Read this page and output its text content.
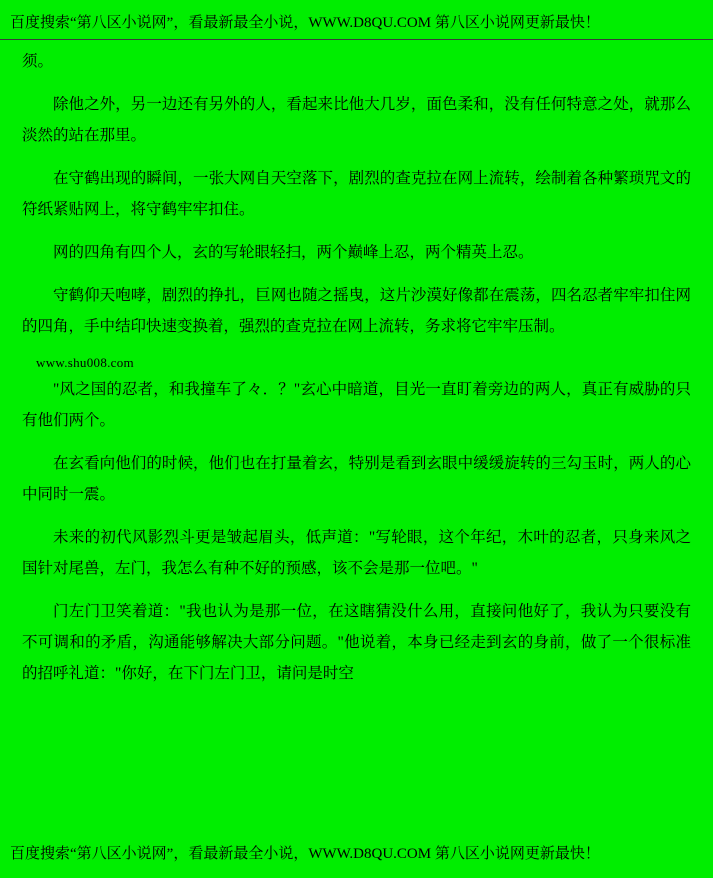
百度搜索“第八区小说网”，看最新最全小说，WWW.D8QU.COM 第八区小说网更新最快！

须。

除他之外，另一边还有另外的人，看起来比他大几岁，面色柔和，没有任何特意之处，就那么淡然的站在那里。

在守鹤出现的瞬间，一张大网自天空落下，剧烈的查克拉在网上流转，绘制着各种繁琐咒文的符纸紧贴网上，将守鹤牢牢扣住。

网的四角有四个人，玄的写轮眼轻扫，两个巅峰上忍，两个精英上忍。

守鹤仰天咆哮，剧烈的挣扎，巨网也随之摇曳，这片沙漠好像都在震荡，四名忍者牢牢扣住网的四角，手中结印快速变换着，强烈的查克拉在网上流转，务求将它牢牢压制。

www.shu008.com

"风之国的忍者，和我撞车了々．？"玄心中暗道，目光一直盯着旁边的两人，真正有威胁的只有他们两个。

在玄看向他们的时候，他们也在打量着玄，特别是看到玄眼中缓缓旋转的三勾玉时，两人的心中同时一震。

未来的初代风影烈斗更是皱起眉头，低声道："写轮眼，这个年纪，木叶的忍者，只身来风之国针对尾兽，左门，我怎么有种不好的预感，该不会是那一位吧。"

门左门卫笑着道："我也认为是那一位，在这瞎猜没什么用，直接问他好了，我认为只要没有不可调和的矛盾，沟通能够解决大部分问题。"他说着，本身已经走到玄的身前，做了一个很标准的招呼礼道："你好，在下门左门卫，请问是时空

百度搜索“第八区小说网”，看最新最全小说，WWW.D8QU.COM 第八区小说网更新最快！
